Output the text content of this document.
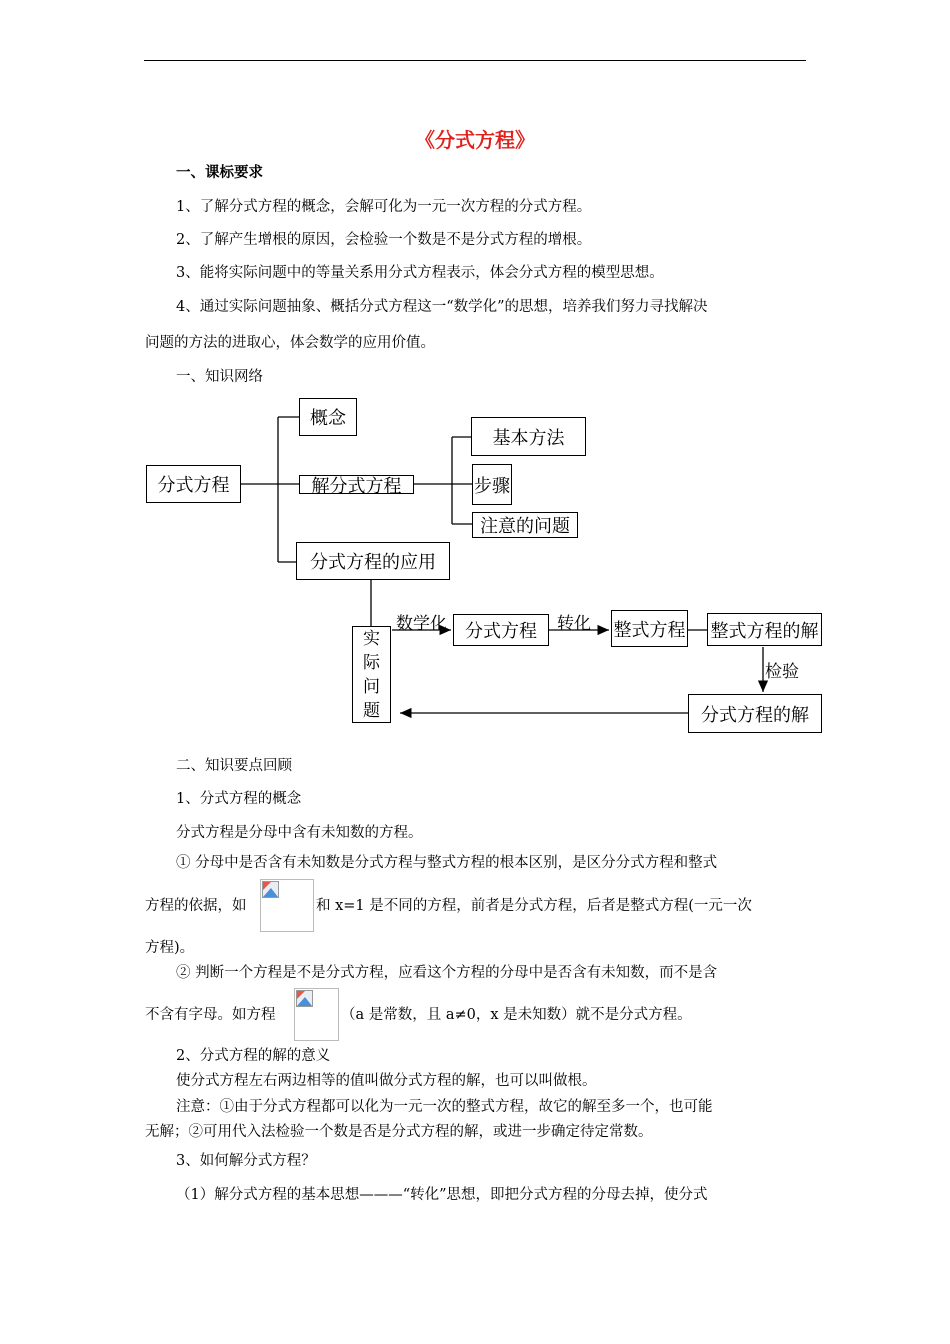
《分式方程》
一、课标要求
1、了解分式方程的概念，会解可化为一元一次方程的分式方程。
2、了解产生增根的原因，会检验一个数是不是分式方程的增根。
3、能将实际问题中的等量关系用分式方程表示，体会分式方程的模型思想。
4、通过实际问题抽象、概括分式方程这一“数学化”的思想，培养我们努力寻找解决
问题的方法的进取心，体会数学的应用价值。
一、知识网络
分式方程
概念
解分式方程
基本方法
步骤
注意的问题
分式方程的应用
实
际
问
题
数学化	分式方程	转化 整式方程 整式方程的解
检验
分式方程的解
二、知识要点回顾
1、分式方程的概念
分式方程是分母中含有未知数的方程。
① 分母中是否含有未知数是分式方程与整式方程的根本区别，是区分分式方程和整式
方程的依据，如	和 x=1 是不同的方程，前者是分式方程，后者是整式方程(一元一次
方程)。
② 判断一个方程是不是分式方程，应看这个方程的分母中是否含有未知数，而不是含
不含有字母。如方程	（a 是常数，且 a≠0，x 是未知数）就不是分式方程。
2、分式方程的解的意义
使分式方程左右两边相等的值叫做分式方程的解，也可以叫做根。
注意：①由于分式方程都可以化为一元一次的整式方程，故它的解至多一个，也可能
无解；②可用代入法检验一个数是否是分式方程的解，或进一步确定待定常数。
3、如何解分式方程？
（1）解分式方程的基本思想———“转化”思想，即把分式方程的分母去掉，使分式
